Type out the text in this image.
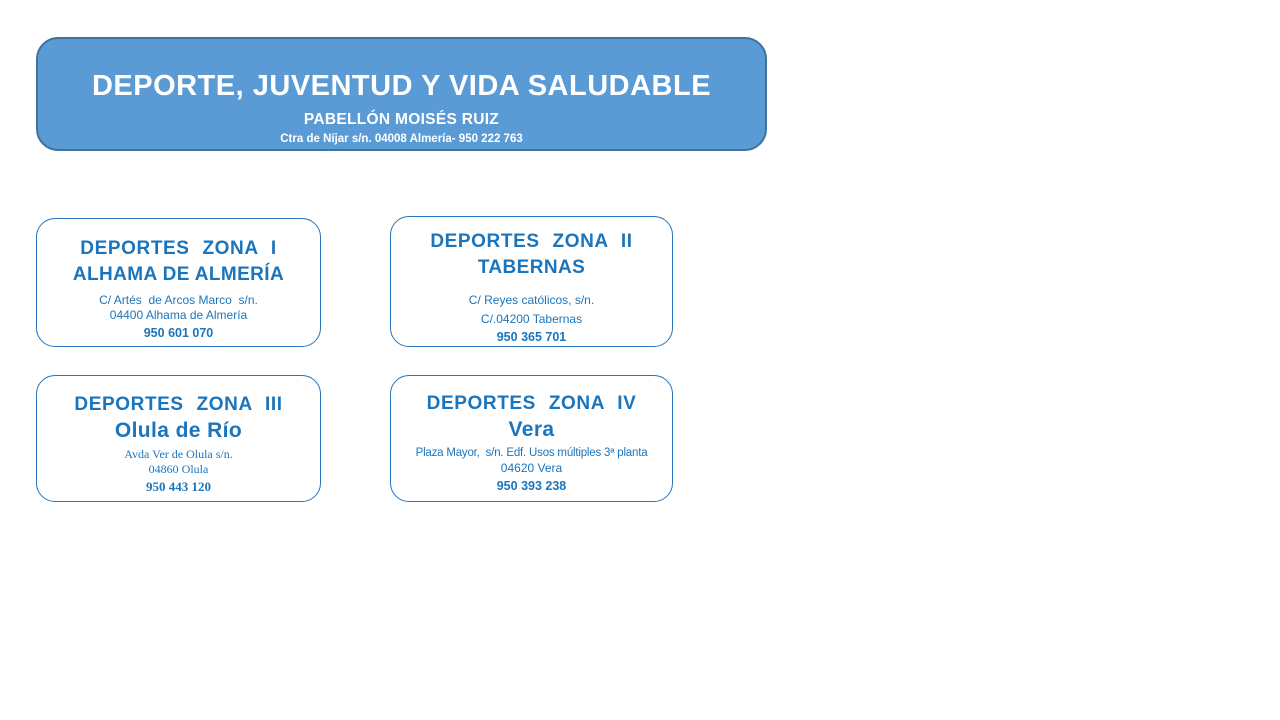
DEPORTE, JUVENTUD Y VIDA SALUDABLE
PABELLÓN MOISÉS RUIZ
Ctra de Níjar s/n. 04008 Almería- 950 222 763
DEPORTES ZONA I
ALHAMA DE ALMERÍA
C/ Artés  de Arcos Marco  s/n.
04400 Alhama de Almería
950 601 070
DEPORTES ZONA II
TABERNAS
C/ Reyes católicos, s/n.
C/.04200 Tabernas
950 365 701
DEPORTES ZONA III
Olula de Río
Avda Ver de Olula s/n.
04860 Olula
950 443 120
DEPORTES ZONA IV
Vera
Plaza Mayor,  s/n. Edf. Usos múltiples 3ª planta
04620 Vera
950 393 238
